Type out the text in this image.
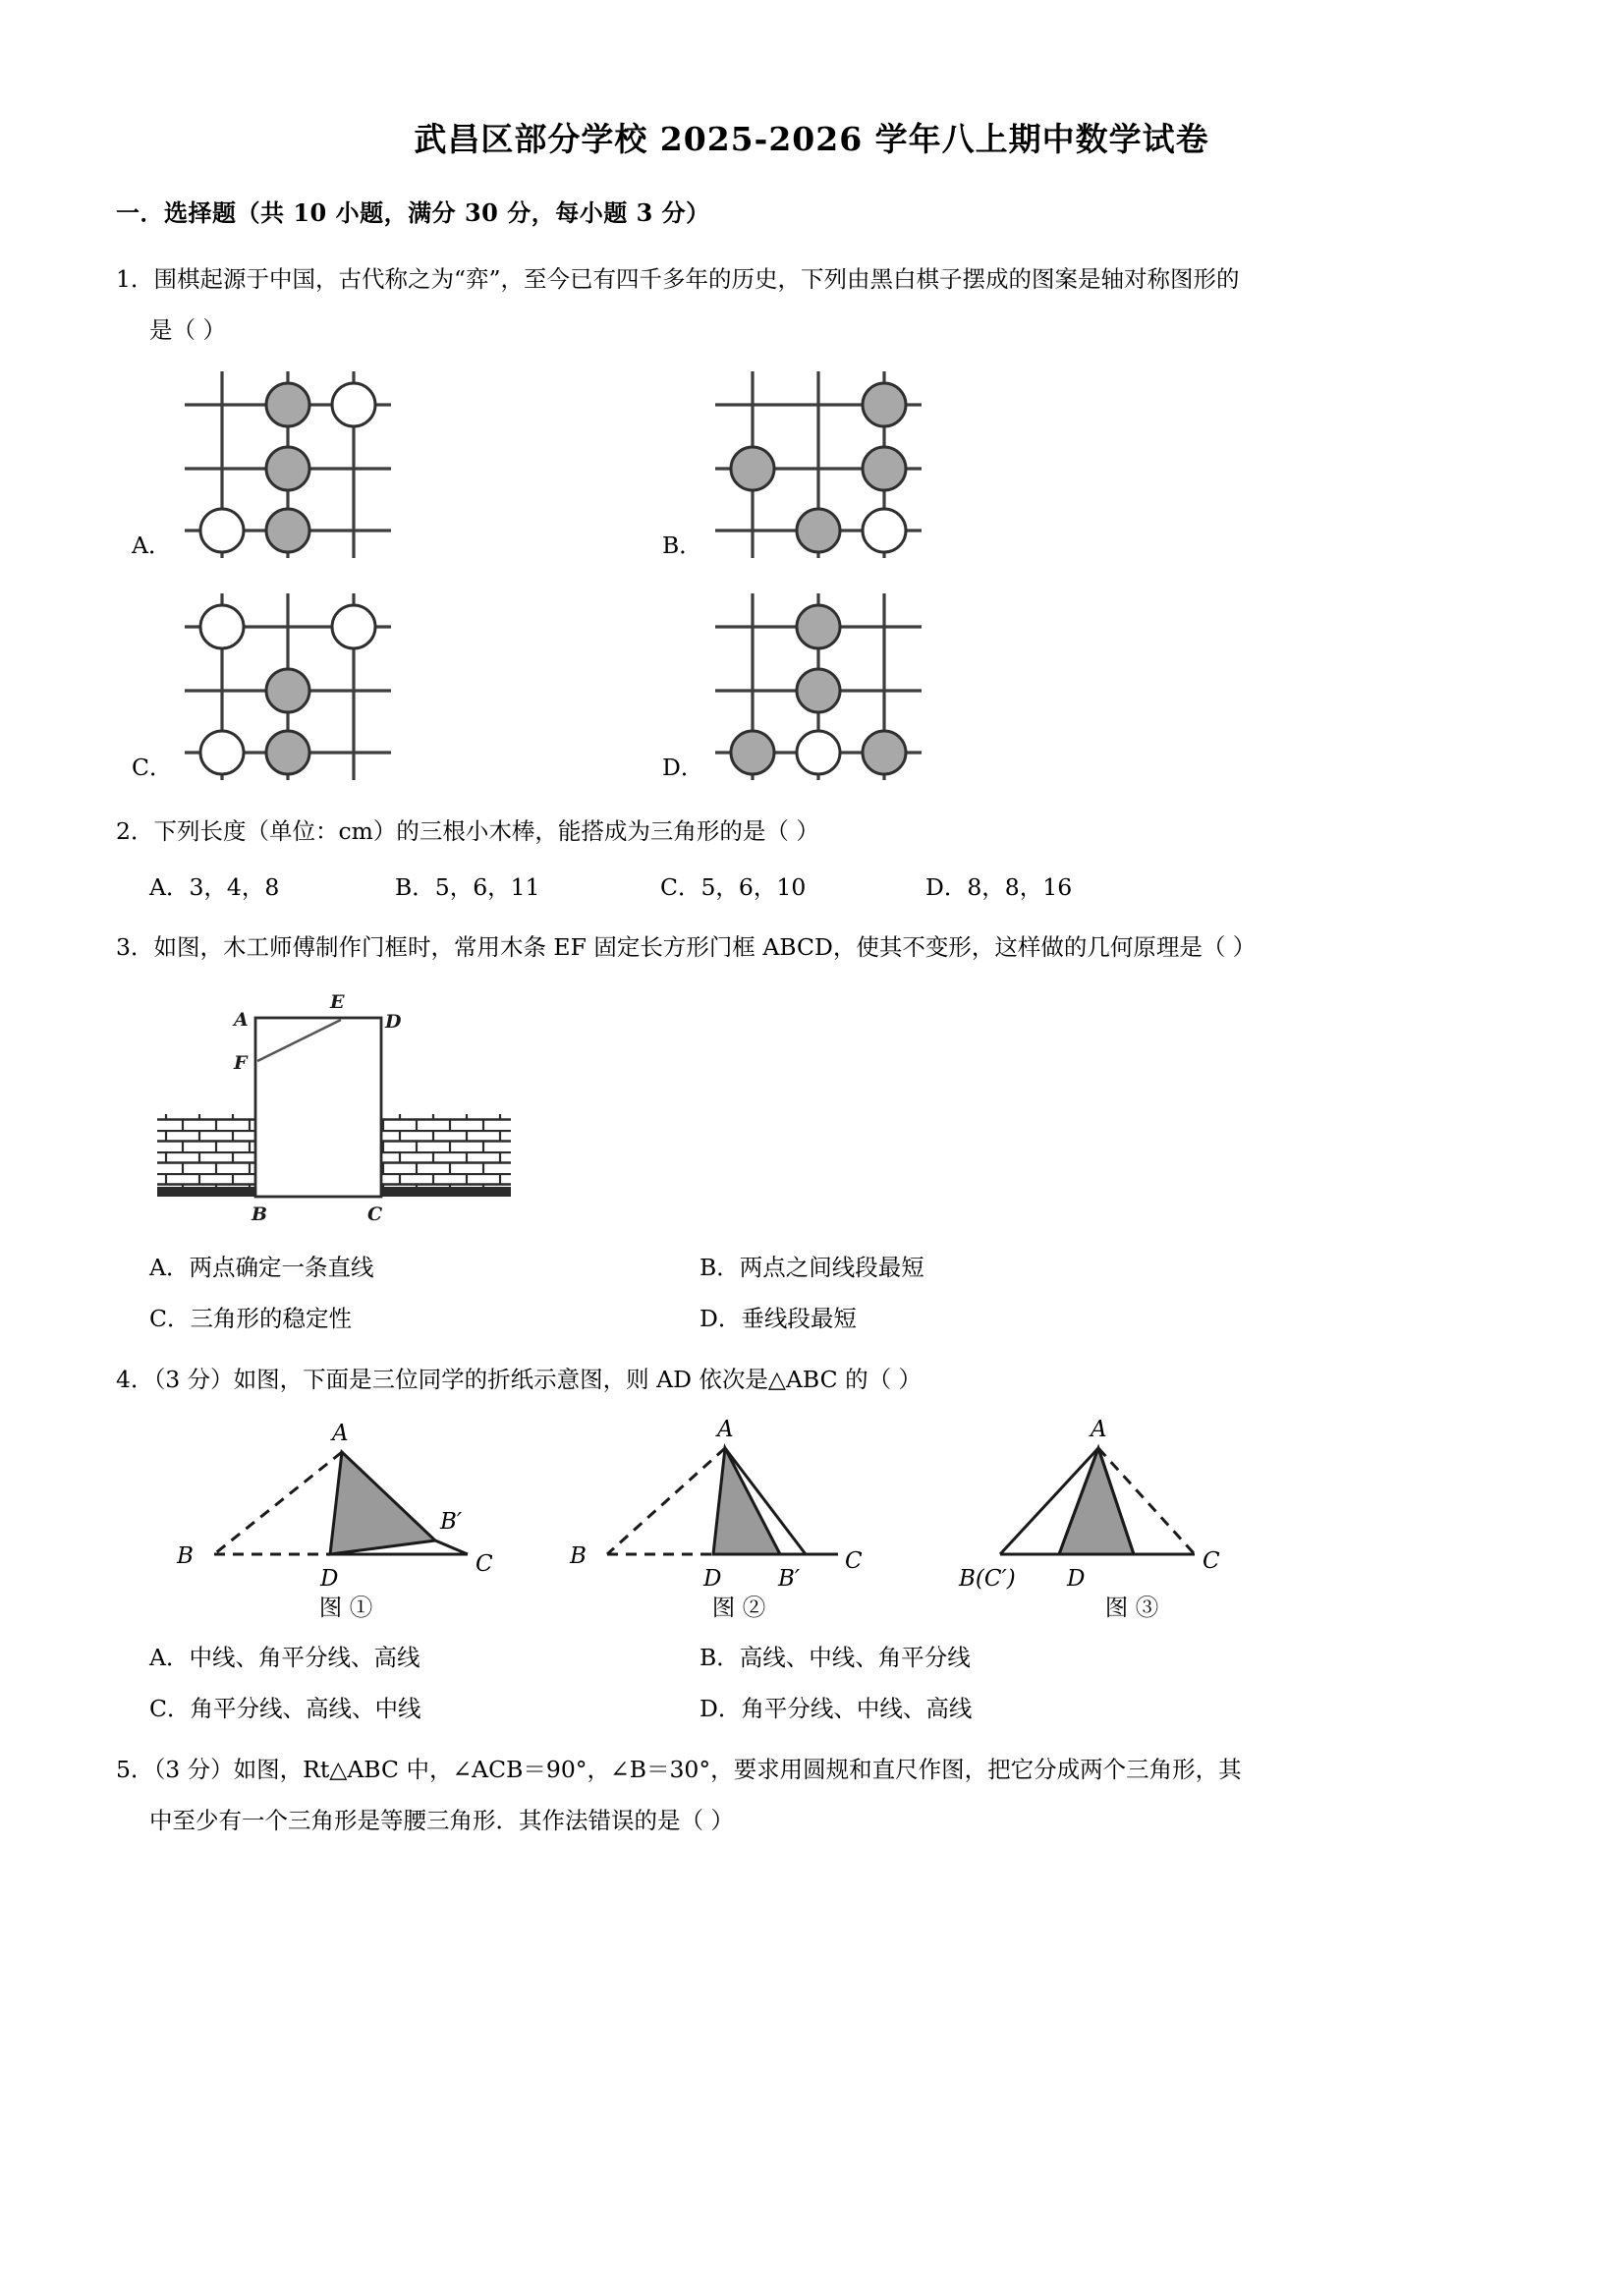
武昌区部分学校 2025-2026 学年八上期中数学试卷
一．选择题（共 10 小题，满分 30 分，每小题 3 分）
1．围棋起源于中国，古代称之为“弈”，至今已有四千多年的历史，下列由黑白棋子摆成的图案是轴对称图形的
是（ ）
A．	B．
C．	D．
2．下列长度（单位：cm）的三根小木棒，能搭成为三角形的是（ ）
A．3，4，8	B．5，6，11	C．5，6，10	D．8，8，16
3．如图，木工师傅制作门框时，常用木条 EF 固定长方形门框 ABCD，使其不变形，这样做的几何原理是（ ）
A
E
D
F
B	C
A．两点确定一条直线	B．两点之间线段最短
C．三角形的稳定性	D．垂线段最短
4．（3 分）如图，下面是三位同学的折纸示意图，则 AD 依次是△ABC 的（ ）
A
B
D
C
B′
A
B
D	B′
C
A
B(C′) D
C
图 ①	图 ②	图 ③
A．中线、角平分线、高线	B．高线、中线、角平分线
C．角平分线、高线、中线	D．角平分线、中线、高线
5．（3 分）如图，Rt△ABC 中，∠ACB＝90°，∠B＝30°，要求用圆规和直尺作图，把它分成两个三角形，其
中至少有一个三角形是等腰三角形．其作法错误的是（ ）
